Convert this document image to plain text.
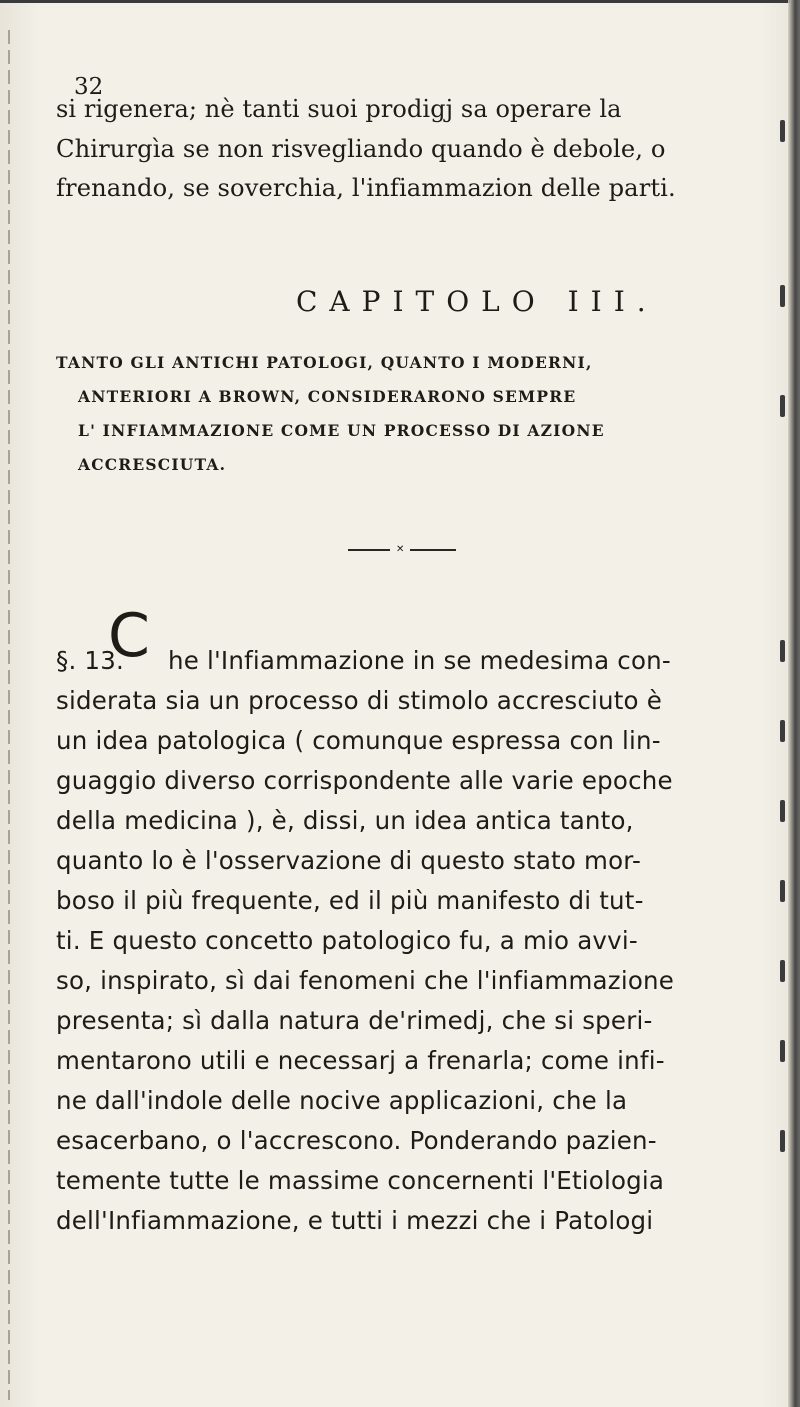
32
si rigenera; nè tanti suoi prodigj sa operare la
Chirurgìa se non risvegliando quando è debole, o
frenando, se soverchia, l'infiammazion delle parti.
CAPITOLO III.
TANTO GLI ANTICHI PATOLOGI, QUANTO I MODERNI,
ANTERIORI A BROWN, CONSIDERARONO SEMPRE
L' INFIAMMAZIONE COME UN PROCESSO DI AZIONE
ACCRESCIUTA.
✕
§. 13. he l'Infiammazione in se medesima con-
C
siderata sia un processo di stimolo accresciuto è
un idea patologica ( comunque espressa con lin-
guaggio diverso corrispondente alle varie epoche
della medicina ), è, dissi, un idea antica tanto,
quanto lo è l'osservazione di questo stato mor-
boso il più frequente, ed il più manifesto di tut-
ti. E questo concetto patologico fu, a mio avvi-
so, inspirato, sì dai fenomeni che l'infiammazione
presenta; sì dalla natura de'rimedj, che si speri-
mentarono utili e necessarj a frenarla; come infi-
ne dall'indole delle nocive applicazioni, che la
esacerbano, o l'accrescono. Ponderando pazien-
temente tutte le massime concernenti l'Etiologia
dell'Infiammazione, e tutti i mezzi che i Patologi
